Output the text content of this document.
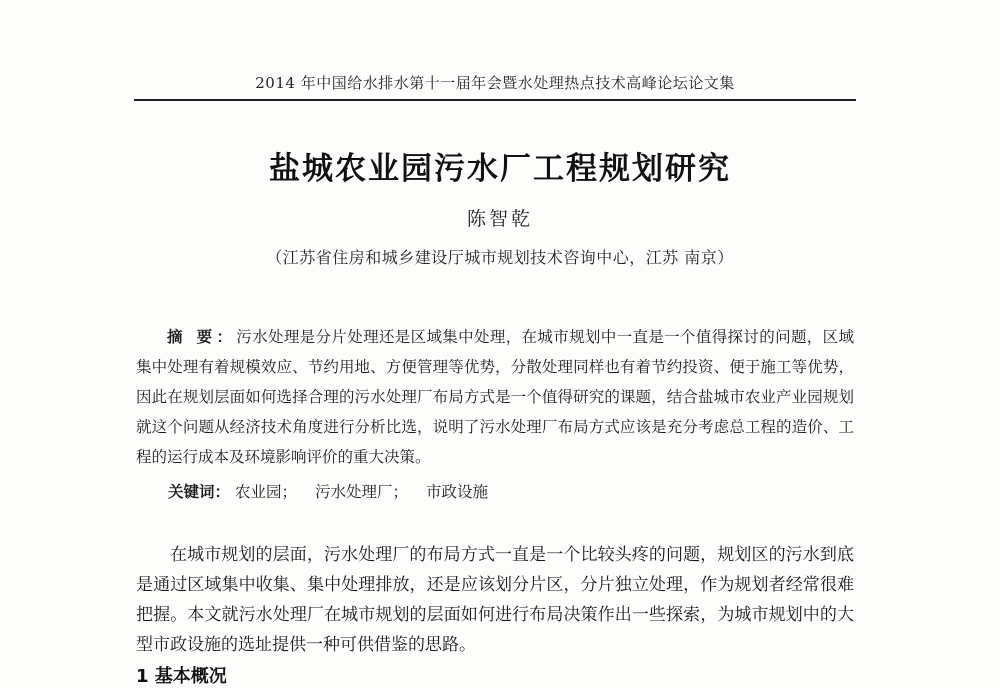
2014 年中国给水排水第十一届年会暨水处理热点技术高峰论坛论文集
盐城农业园污水厂工程规划研究
陈智乾
（江苏省住房和城乡建设厅城市规划技术咨询中心，江苏 南京）

摘 要：污水处理是分片处理还是区域集中处理，在城市规划中一直是一个值得探讨的问题，区域集中处理有着规模效应、节约用地、方便管理等优势，分散处理同样也有着节约投资、便于施工等优势，因此在规划层面如何选择合理的污水处理厂布局方式是一个值得研究的课题，结合盐城市农业产业园规划就这个问题从经济技术角度进行分析比选，说明了污水处理厂布局方式应该是充分考虑总工程的造价、工程的运行成本及环境影响评价的重大决策。

关键词： 农业园； 污水处理厂； 市政设施

在城市规划的层面，污水处理厂的布局方式一直是一个比较头疼的问题，规划区的污水到底是通过区域集中收集、集中处理排放，还是应该划分片区，分片独立处理，作为规划者经常很难把握。本文就污水处理厂在城市规划的层面如何进行布局决策作出一些探索，为城市规划中的大型市政设施的选址提供一种可供借鉴的思路。

1 基本概况
